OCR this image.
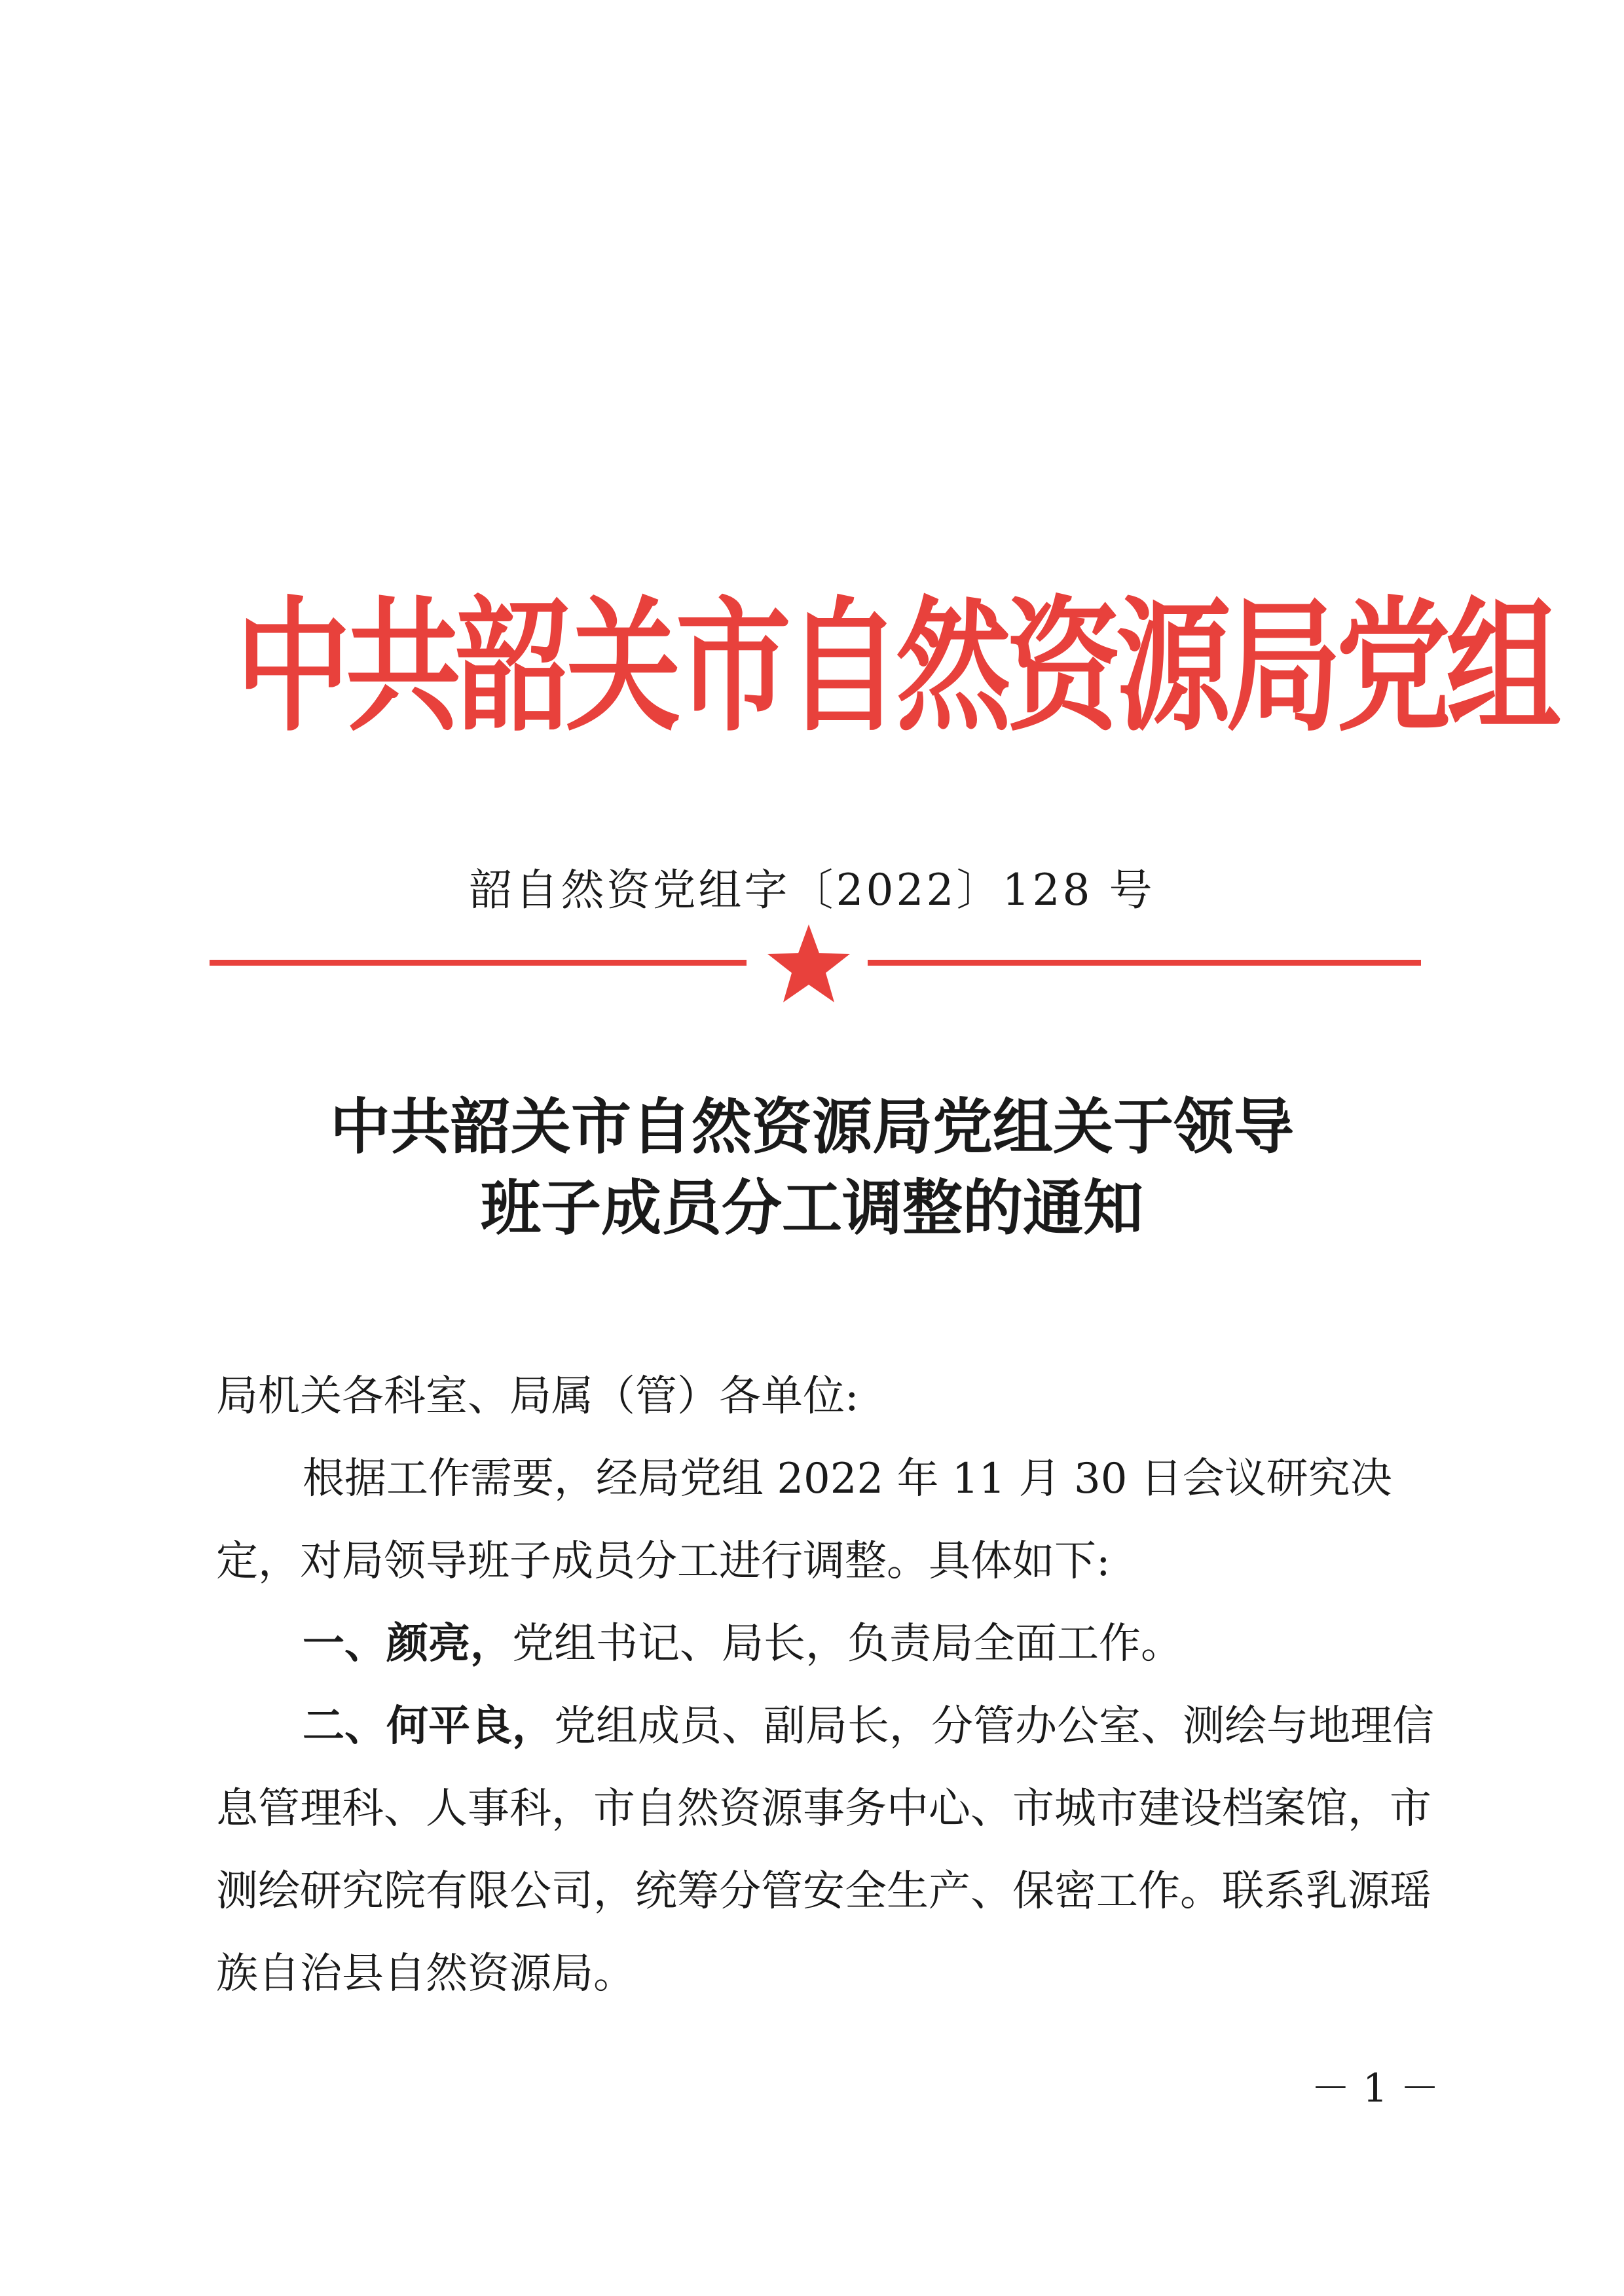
中共韶关市自然资源局党组
韶自然资党组字〔2022〕128 号
中共韶关市自然资源局党组关于领导
班子成员分工调整的通知

局机关各科室、局属（管）各单位:

根据工作需要，经局党组 2022 年 11 月 30 日会议研究决定，对局领导班子成员分工进行调整。具体如下:

一、颜亮，党组书记、局长，负责局全面工作。

二、何平良，党组成员、副局长，分管办公室、测绘与地理信息管理科、人事科，市自然资源事务中心、市城市建设档案馆，市测绘研究院有限公司，统筹分管安全生产、保密工作。联系乳源瑶族自治县自然资源局。

－ 1 －
